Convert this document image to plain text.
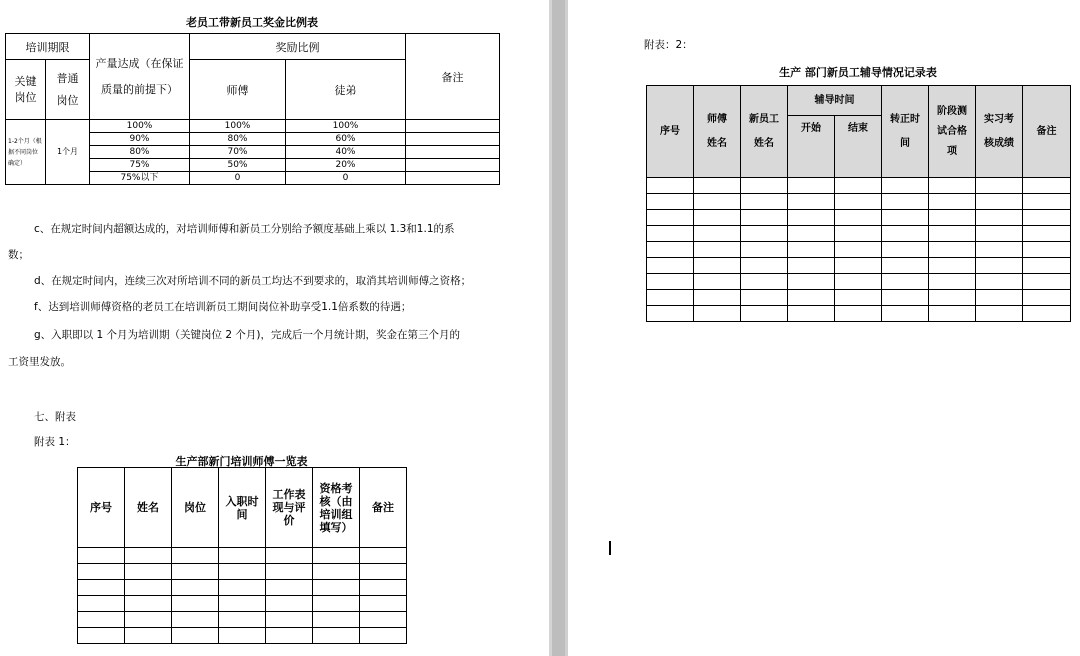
老员工带新员工奖金比例表
培训期限		产量达成（在保证质量的前提下）	奖励比例		备注
关键岗位	普通岗位		师傅	徒弟	
1-2个月（根据不同岗位确定）	1个月	100%	100%	100%	
		90%	80%	60%	
		80%	70%	40%	
		75%	50%	20%	
		75%以下	0	0	
c、在规定时间内超额达成的，对培训师傅和新员工分别给予额度基础上乘以 1.3和1.1的系
数；
d、在规定时间内，连续三次对所培训不同的新员工均达不到要求的，取消其培训师傅之资格；
f、达到培训师傅资格的老员工在培训新员工期间岗位补助享受1.1倍系数的待遇；
g、入职即以 1 个月为培训期（关键岗位 2 个月)，完成后一个月统计期，奖金在第三个月的
工资里发放。
七、附表
附表 1：
生产部新门培训师傅一览表
序号	姓名	岗位	入职时间	工作表现与评价	资格考核（由培训组填写）	备注

附表：2：
生产 部门新员工辅导情况记录表
序号	师傅姓名	新员工姓名	辅导时间		转正时间	阶段测试合格项	实习考核成绩	备注
			开始	结束				
